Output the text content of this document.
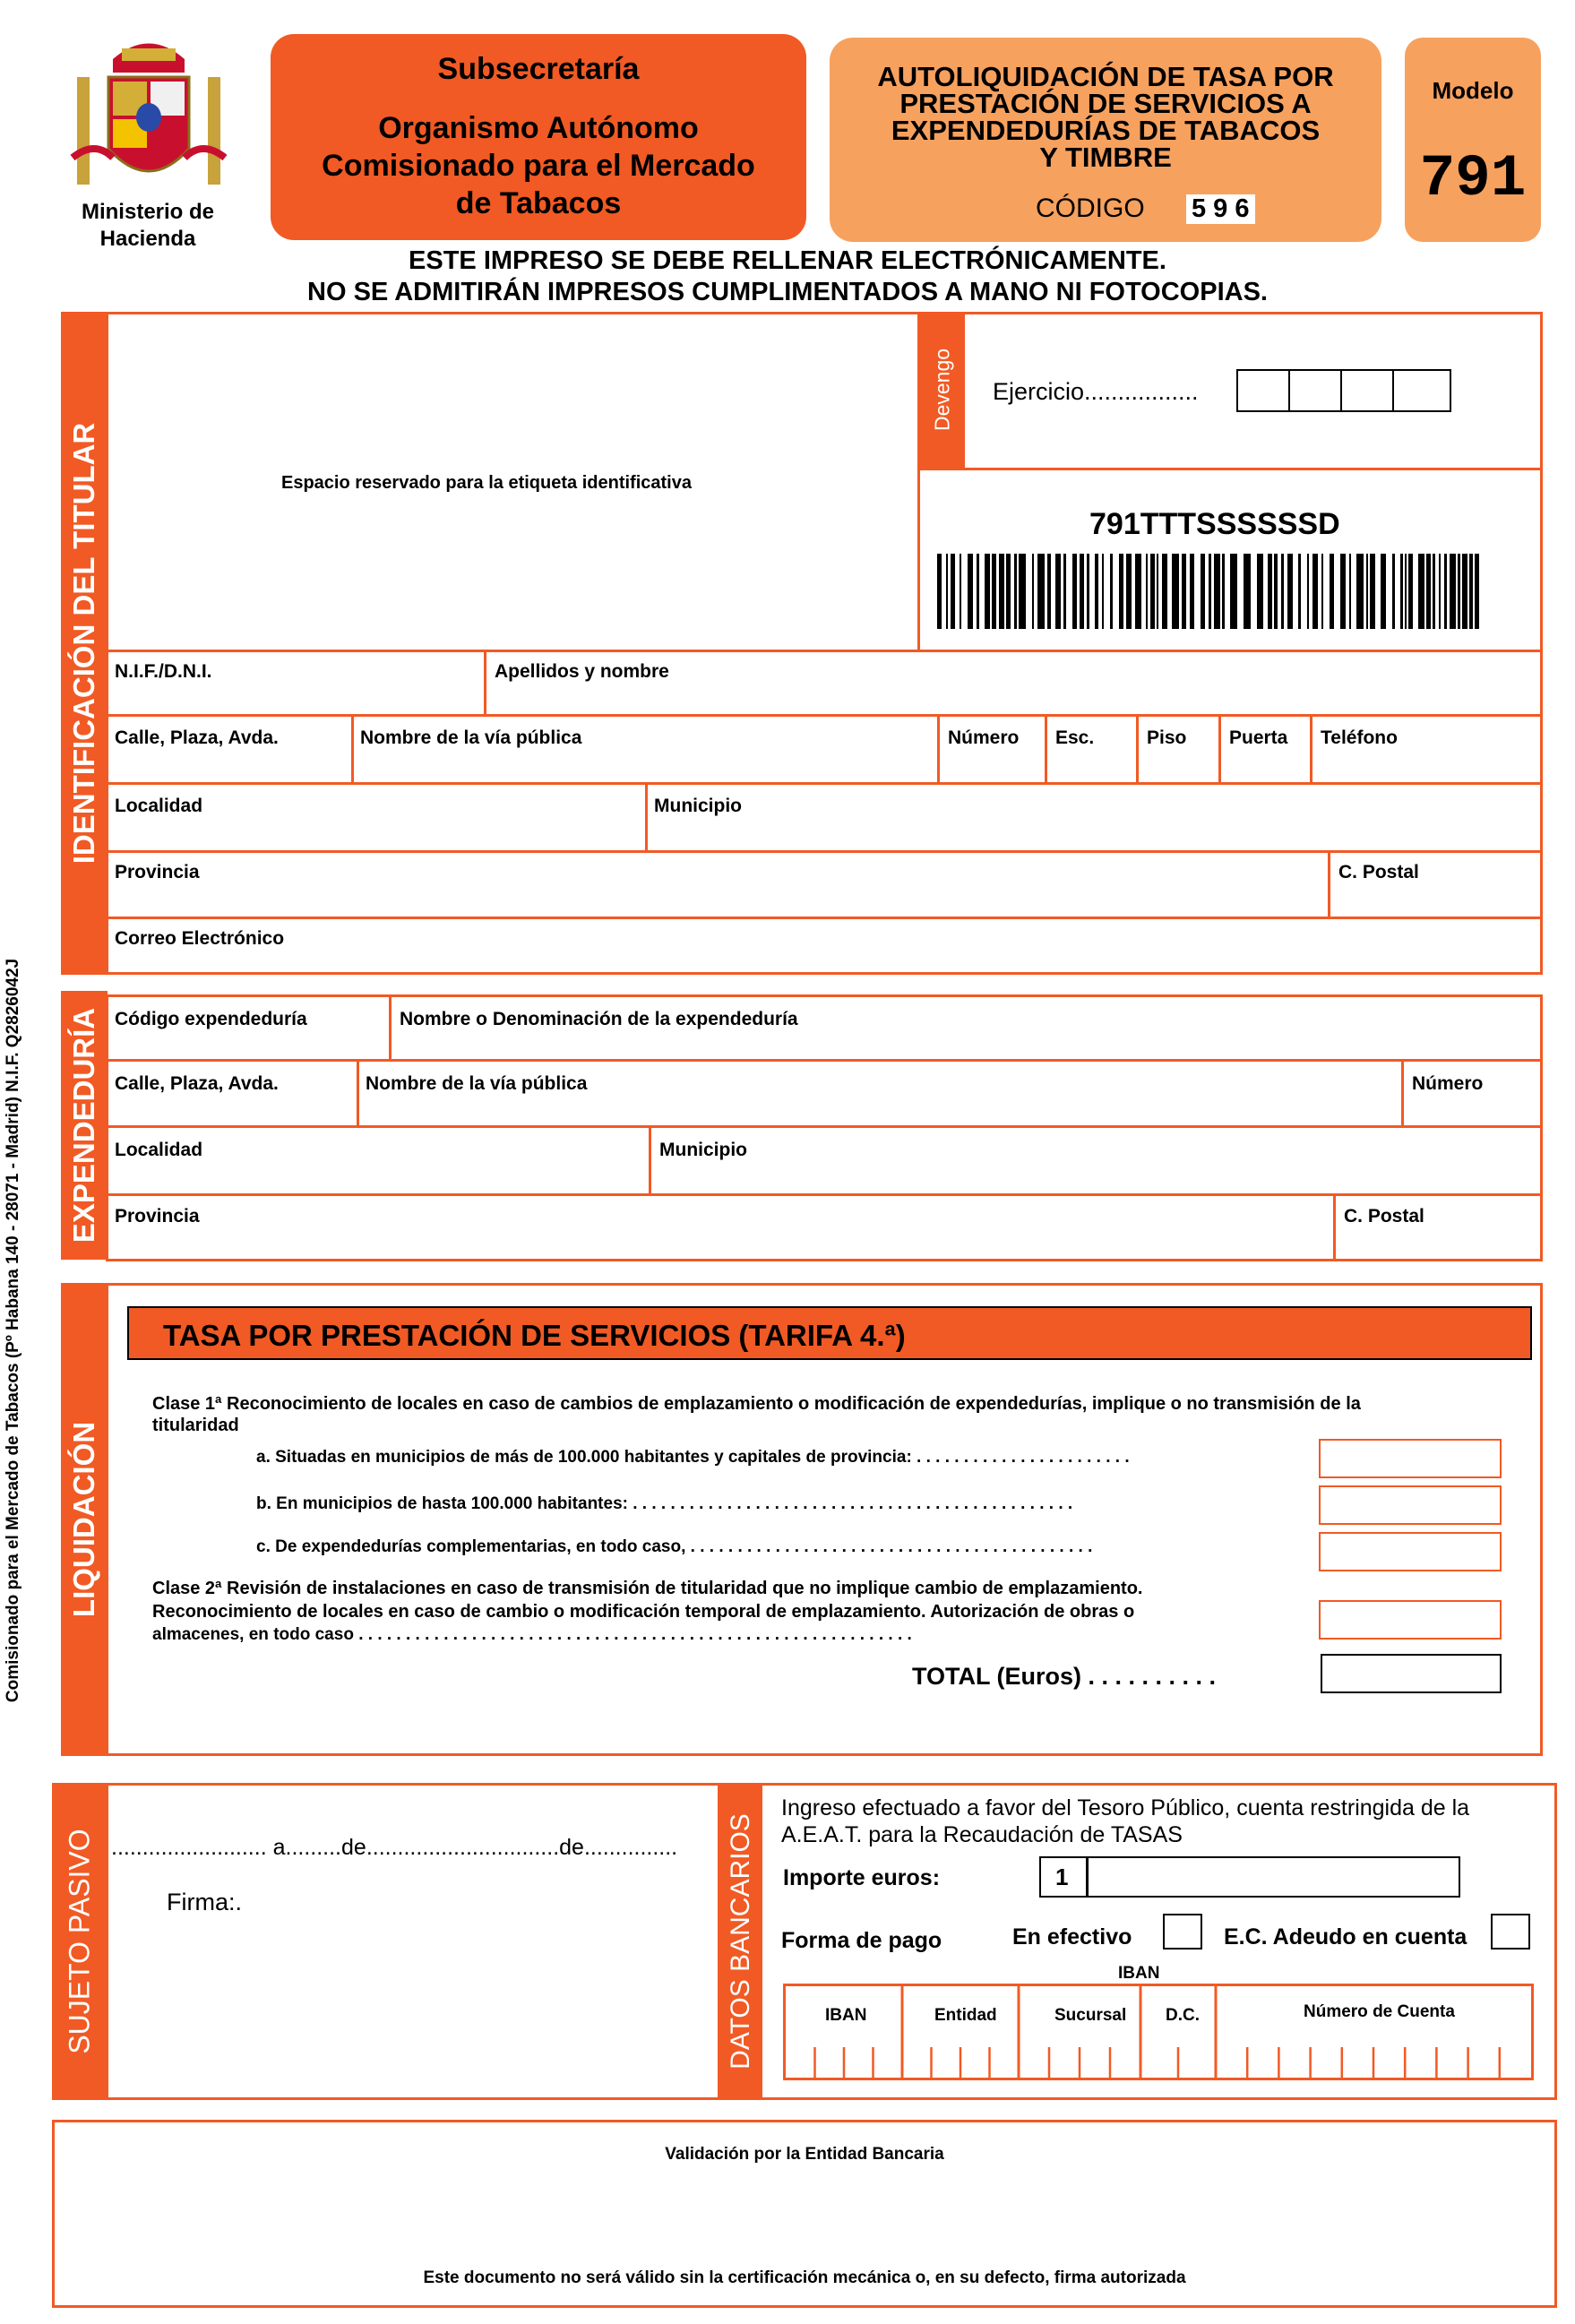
Comisionado para el Mercado de Tabacos (Pº Habana 140 - 28071 - Madrid) N.I.F. Q2826042J
Ministerio de
Hacienda
Subsecretaría
Organismo Autónomo
Comisionado para el Mercado
de Tabacos
AUTOLIQUIDACIÓN DE TASA POR
PRESTACIÓN DE SERVICIOS A
EXPENDEDURÍAS DE TABACOS
Y TIMBRE
CÓDIGO 5 9 6
Modelo
791
ESTE IMPRESO SE DEBE RELLENAR ELECTRÓNICAMENTE.
NO SE ADMITIRÁN IMPRESOS CUMPLIMENTADOS A MANO NI FOTOCOPIAS.
IDENTIFICACIÓN DEL TITULAR	Espacio reservado para la etiqueta identificativa
Devengo Ejercicio.................
791TTTSSSSSSD
N.I.F./D.N.I.	Apellidos y nombre
Calle, Plaza, Avda.	Nombre de la vía pública	Número Esc.	Piso Puerta Teléfono
Localidad	Municipio
Provincia	C. Postal
Correo Electrónico
EXPENDEDURÍA Código expendeduría	Nombre o Denominación de la expendeduría
Calle, Plaza, Avda.	Nombre de la vía pública	Número
Localidad	Municipio
Provincia	C. Postal
LIQUIDACIÓN
TASA POR PRESTACIÓN DE SERVICIOS (TARIFA 4.ª)
Clase 1ª Reconocimiento de locales en caso de cambios de emplazamiento o modificación de expendedurías, implique o no transmisión de la
titularidad
a. Situadas en municipios de más de 100.000 habitantes y capitales de provincia: . . . . . . . . . . . . . . . . . . . . . . .
b. En municipios de hasta 100.000 habitantes: . . . . . . . . . . . . . . . . . . . . . . . . . . . . . . . . . . . . . . . . . . . . . . .
c. De expendedurías complementarias, en todo caso, . . . . . . . . . . . . . . . . . . . . . . . . . . . . . . . . . . . . . . . . . . .
Clase 2ª Revisión de instalaciones en caso de transmisión de titularidad que no implique cambio de emplazamiento.
Reconocimiento de locales en caso de cambio o modificación temporal de emplazamiento. Autorización de obras o
almacenes, en todo caso . . . . . . . . . . . . . . . . . . . . . . . . . . . . . . . . . . . . . . . . . . . . . . . . . . . . . . . . . . .
TOTAL (Euros) . . . . . . . . . .
SUJETO PASIVO ......................... a.........de...............................de...............
Firma:.	DATOS BANCARIOS
Ingreso efectuado a favor del Tesoro Público, cuenta restringida de la
A.E.A.T. para la Recaudación de TASAS
Importe euros:	1
Forma de pago	En efectivo	E.C. Adeudo en cuenta
IBAN
IBAN	Entidad	Sucursal D.C.	Número de Cuenta
Validación por la Entidad Bancaria
Este documento no será válido sin la certificación mecánica o, en su defecto, firma autorizada
